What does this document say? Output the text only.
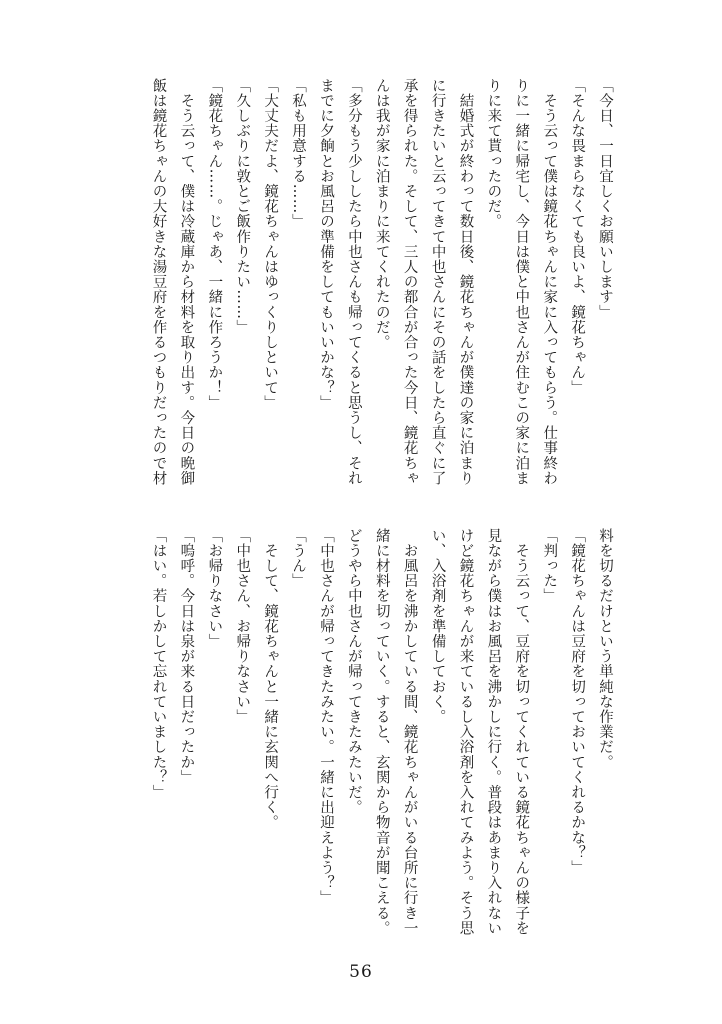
「今日、一日宜しくお願いします」
「そんな畏まらなくても良いよ、鏡花ちゃん」
　そう云って僕は鏡花ちゃんに家に入ってもらう。仕事終わ
りに一緒に帰宅し、今日は僕と中也さんが住むこの家に泊ま
りに来て貰ったのだ。
　結婚式が終わって数日後、鏡花ちゃんが僕達の家に泊まり
に行きたいと云ってきて中也さんにその話をしたら直ぐに了
承を得られた。そして、三人の都合が合った今日、鏡花ちゃ
んは我が家に泊まりに来てくれたのだ。
「多分もう少ししたら中也さんも帰ってくると思うし、それ
までに夕餉とお風呂の準備をしてもいいかな？」
「私も用意する……」
「大丈夫だよ、鏡花ちゃんはゆっくりしといて」
「久しぶりに敦とご飯作りたい……」
「鏡花ちゃん……。じゃあ、一緒に作ろうか！」
　そう云って、僕は冷蔵庫から材料を取り出す。今日の晩御
飯は鏡花ちゃんの大好きな湯豆府を作るつもりだったので材
料を切るだけという単純な作業だ。
「鏡花ちゃんは豆府を切っておいてくれるかな？」
「判った」
　そう云って、豆府を切ってくれている鏡花ちゃんの様子を
見ながら僕はお風呂を沸かしに行く。普段はあまり入れない
けど鏡花ちゃんが来ているし入浴剤を入れてみよう。そう思
い、入浴剤を準備しておく。
　お風呂を沸かしている間、鏡花ちゃんがいる台所に行き一
緒に材料を切っていく。すると、玄関から物音が聞こえる。
どうやら中也さんが帰ってきたみたいだ。
「中也さんが帰ってきたみたい。一緒に出迎えよう？」
「うん」
　そして、鏡花ちゃんと一緒に玄関へ行く。
「中也さん、お帰りなさい」
「お帰りなさい」
「嗚呼。今日は泉が来る日だったか」
「はい。若しかして忘れていました？」
56
